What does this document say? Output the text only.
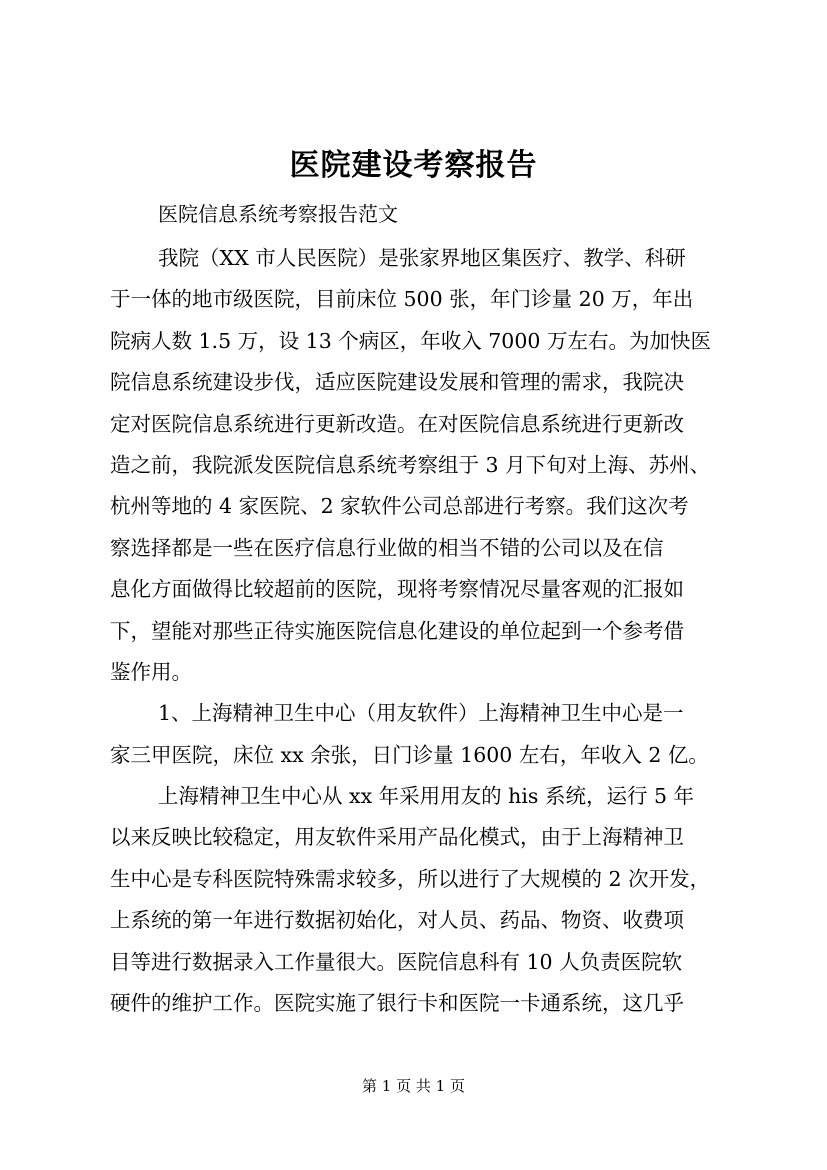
医院建设考察报告
医院信息系统考察报告范文
我院（XX 市人民医院）是张家界地区集医疗、教学、科研
于一体的地市级医院，目前床位 500 张，年门诊量 20 万，年出
院病人数 1.5 万，设 13 个病区，年收入 7000 万左右。为加快医
院信息系统建设步伐，适应医院建设发展和管理的需求，我院决
定对医院信息系统进行更新改造。在对医院信息系统进行更新改
造之前，我院派发医院信息系统考察组于 3 月下旬对上海、苏州、
杭州等地的 4 家医院、2 家软件公司总部进行考察。我们这次考
察选择都是一些在医疗信息行业做的相当不错的公司以及在信
息化方面做得比较超前的医院，现将考察情况尽量客观的汇报如
下，望能对那些正待实施医院信息化建设的单位起到一个参考借
鉴作用。
1、上海精神卫生中心（用友软件）上海精神卫生中心是一
家三甲医院，床位 xx 余张，日门诊量 1600 左右，年收入 2 亿。
上海精神卫生中心从 xx 年采用用友的 his 系统，运行 5 年
以来反映比较稳定，用友软件采用产品化模式，由于上海精神卫
生中心是专科医院特殊需求较多，所以进行了大规模的 2 次开发，
上系统的第一年进行数据初始化，对人员、药品、物资、收费项
目等进行数据录入工作量很大。医院信息科有 10 人负责医院软
硬件的维护工作。医院实施了银行卡和医院一卡通系统，这几乎
第 1 页 共 1 页
